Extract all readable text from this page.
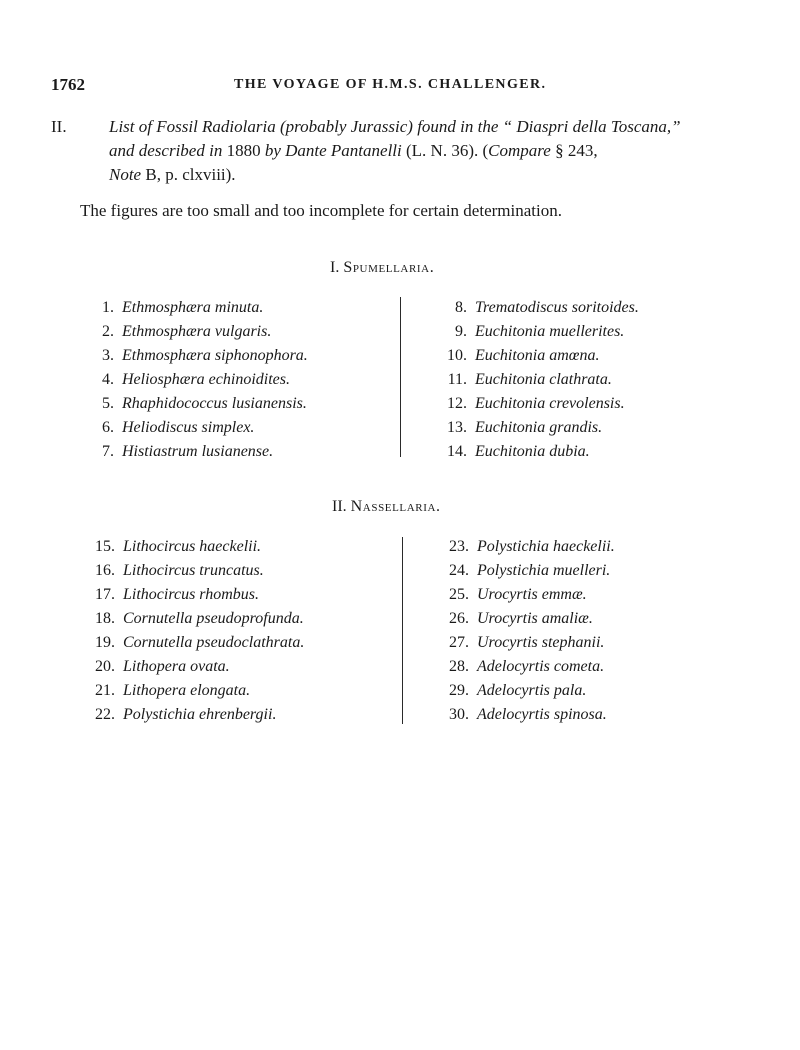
1762	THE VOYAGE OF H.M.S. CHALLENGER.
II. List of Fossil Radiolaria (probably Jurassic) found in the “ Diaspri della Toscana,”
and described in 1880 by Dante Pantanelli (L. N. 36). (Compare § 243,
Note B, p. clxviii).
The figures are too small and too incomplete for certain determination.
I. Spumellaria.
1. Ethmosphæra minuta.
2. Ethmosphæra vulgaris.
3. Ethmosphæra siphonophora.
4. Heliosphæra echinoidites.
5. Rhaphidococcus lusianensis.
6. Heliodiscus simplex.
7. Histiastrum lusianense.
8. Trematodiscus soritoides.
9. Euchitonia muellerites.
10. Euchitonia amœna.
11. Euchitonia clathrata.
12. Euchitonia crevolensis.
13. Euchitonia grandis.
14. Euchitonia dubia.
II. Nassellaria.
15. Lithocircus haeckelii.
16. Lithocircus truncatus.
17. Lithocircus rhombus.
18. Cornutella pseudoprofunda.
19. Cornutella pseudoclathrata.
20. Lithopera ovata.
21. Lithopera elongata.
22. Polystichia ehrenbergii.
23. Polystichia haeckelii.
24. Polystichia muelleri.
25. Urocyrtis emmæ.
26. Urocyrtis amaliæ.
27. Urocyrtis stephanii.
28. Adelocyrtis cometa.
29. Adelocyrtis pala.
30. Adelocyrtis spinosa.
